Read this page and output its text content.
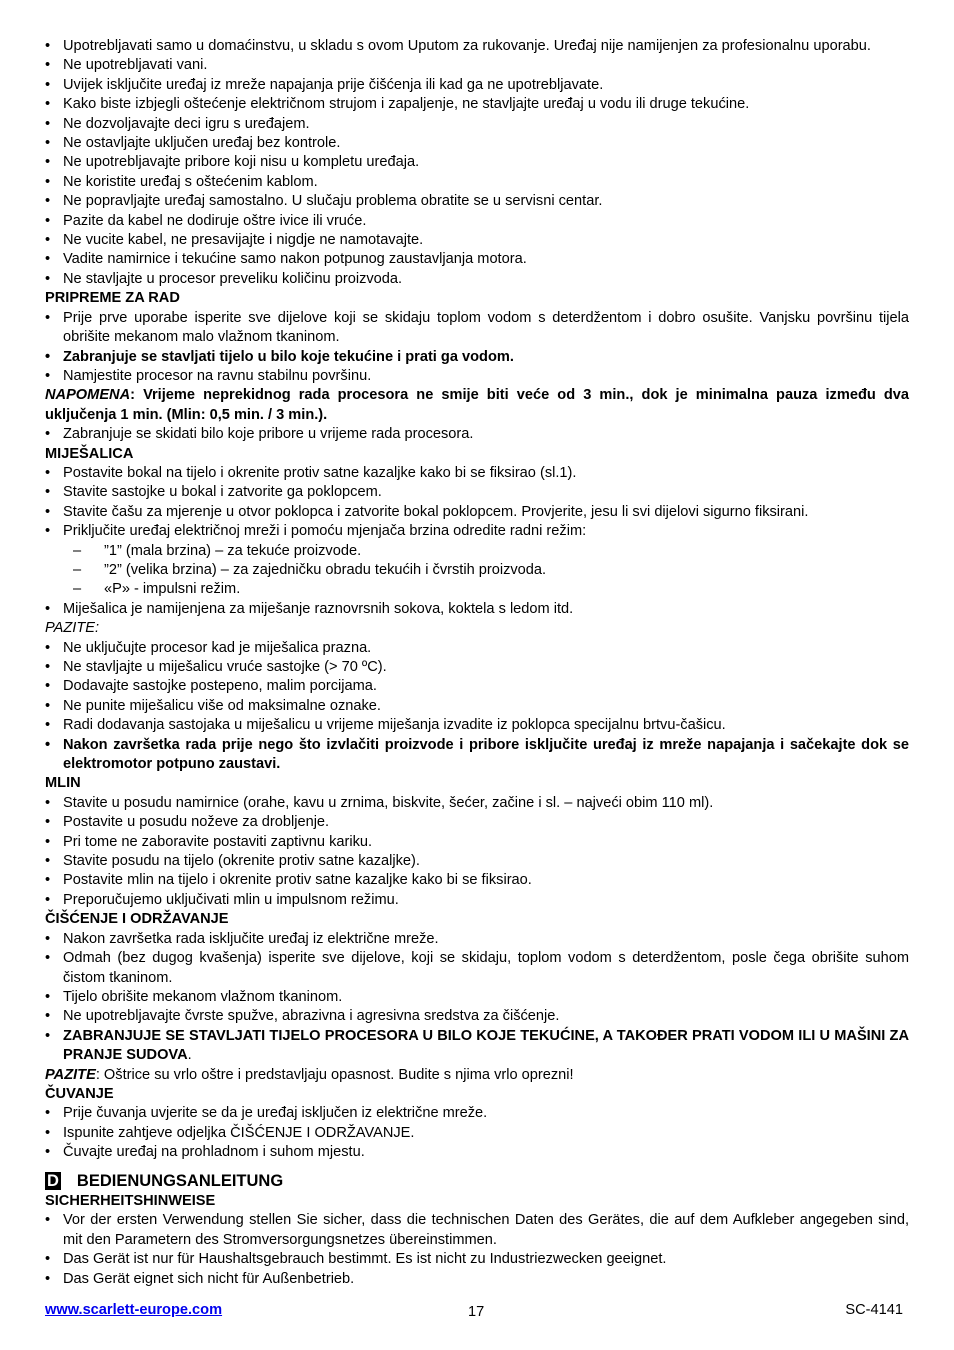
• Upotrebljavati samo u domaćinstvu, u skladu s ovom Uputom za rukovanje. Uređaj nije namijenjen za profesionalnu uporabu.
• Ne upotrebljavati vani.
• Uvijek isključite uređaj iz mreže napajanja prije čišćenja ili kad ga ne upotrebljavate.
• Kako biste izbjegli oštećenje električnom strujom i zapaljenje, ne stavljajte uređaj u vodu ili druge tekućine.
• Ne dozvoljavajte deci igru s uređajem.
• Ne ostavljajte uključen uređaj bez kontrole.
• Ne upotrebljavajte pribore koji nisu u kompletu uređaja.
• Ne koristite uređaj s oštećenim kablom.
• Ne popravljajte uređaj samostalno. U slučaju problema obratite se u servisni centar.
• Pazite da kabel ne dodiruje oštre ivice ili vruće.
• Ne vucite kabel, ne presavijajte i nigdje ne namotavajte.
• Vadite namirnice i tekućine samo nakon potpunog zaustavljanja motora.
• Ne stavljajte u procesor preveliku količinu proizvoda.

PRIPREME ZA RAD

• Prije prve uporabe isperite sve dijelove koji se skidaju toplom vodom s deterdžentom i dobro osušite. Vanjsku površinu tijela obrišite mekanom malo vlažnom tkaninom.
• Zabranjuje se stavljati tijelo u bilo koje tekućine i prati ga vodom.
• Namjestite procesor na ravnu stabilnu površinu.

NAPOMENA: Vrijeme neprekidnog rada procesora ne smije biti veće od 3 min., dok je minimalna pauza između dva uključenja 1 min. (Mlin: 0,5 min. / 3 min.).

• Zabranjuje se skidati bilo koje pribore u vrijeme rada procesora.

MIJEŠALICA

• Postavite bokal na tijelo i okrenite protiv satne kazaljke kako bi se fiksirao (sl.1).
• Stavite sastojke u bokal i zatvorite ga poklopcem.
• Stavite čašu za mjerenje u otvor poklopca i zatvorite bokal poklopcem. Provjerite, jesu li svi dijelovi sigurno fiksirani.
• Priključite uređaj električnoj mreži i pomoću mjenjača brzina odredite radni režim:
– ”1” (mala brzina) – za tekuće proizvode.
– ”2” (velika brzina) – za zajedničku obradu tekućih i čvrstih proizvoda.
– «P» - impulsni režim.
• Miješalica je namijenjena za miješanje raznovrsnih sokova, koktela s ledom itd.

PAZITE:

• Ne uključujte procesor kad je miješalica prazna.
• Ne stavljajte u miješalicu vruće sastojke (> 70 ºC).
• Dodavajte sastojke postepeno, malim porcijama.
• Ne punite miješalicu više od maksimalne oznake.
• Radi dodavanja sastojaka u miješalicu u vrijeme miješanja izvadite iz poklopca specijalnu brtvu-čašicu.
• Nakon završetka rada prije nego što izvlačiti proizvode i pribore isključite uređaj iz mreže napajanja i sačekajte dok se elektromotor potpuno zaustavi.

MLIN

• Stavite u posudu namirnice (orahe, kavu u zrnima, biskvite, šećer, začine i sl. – najveći obim 110 ml).
• Postavite u posudu noževe za drobljenje.
• Pri tome ne zaboravite postaviti zaptivnu kariku.
• Stavite posudu na tijelo (okrenite protiv satne kazaljke).
• Postavite mlin na tijelo i okrenite protiv satne kazaljke kako bi se fiksirao.
• Preporučujemo uključivati mlin u impulsnom režimu.

ČIŠĆENJE I ODRŽAVANJE

• Nakon završetka rada isključite uređaj iz električne mreže.
• Odmah (bez dugog kvašenja) isperite sve dijelove, koji se skidaju, toplom vodom s deterdžentom, posle čega obrišite suhom čistom tkaninom.
• Tijelo obrišite mekanom vlažnom tkaninom.
• Ne upotrebljavajte čvrste spužve, abrazivna i agresivna sredstva za čišćenje.
• ZABRANJUJE SE STAVLJATI TIJELO PROCESORA U BILO KOJE TEKUĆINE, A TAKOĐER PRATI VODOM ILI U MAŠINI ZA PRANJE SUDOVA.

PAZITE: Oštrice su vrlo oštre i predstavljaju opasnost. Budite s njima vrlo oprezni!

ČUVANJE

• Prije čuvanja uvjerite se da je uređaj isključen iz električne mreže.
• Ispunite zahtjeve odjeljka ČIŠĆENJE I ODRŽAVANJE.
• Čuvajte uređaj na prohladnom i suhom mjestu.
D BEDIENUNGSANLEITUNG

SICHERHEITSHINWEISE

• Vor der ersten Verwendung stellen Sie sicher, dass die technischen Daten des Gerätes, die auf dem Aufkleber angegeben sind, mit den Parametern des Stromversorgungsnetzes übereinstimmen.
• Das Gerät ist nur für Haushaltsgebrauch bestimmt. Es ist nicht zu Industriezwecken geeignet.
• Das Gerät eignet sich nicht für Außenbetrieb.
www.scarlett-europe.com	17	SC-4141
